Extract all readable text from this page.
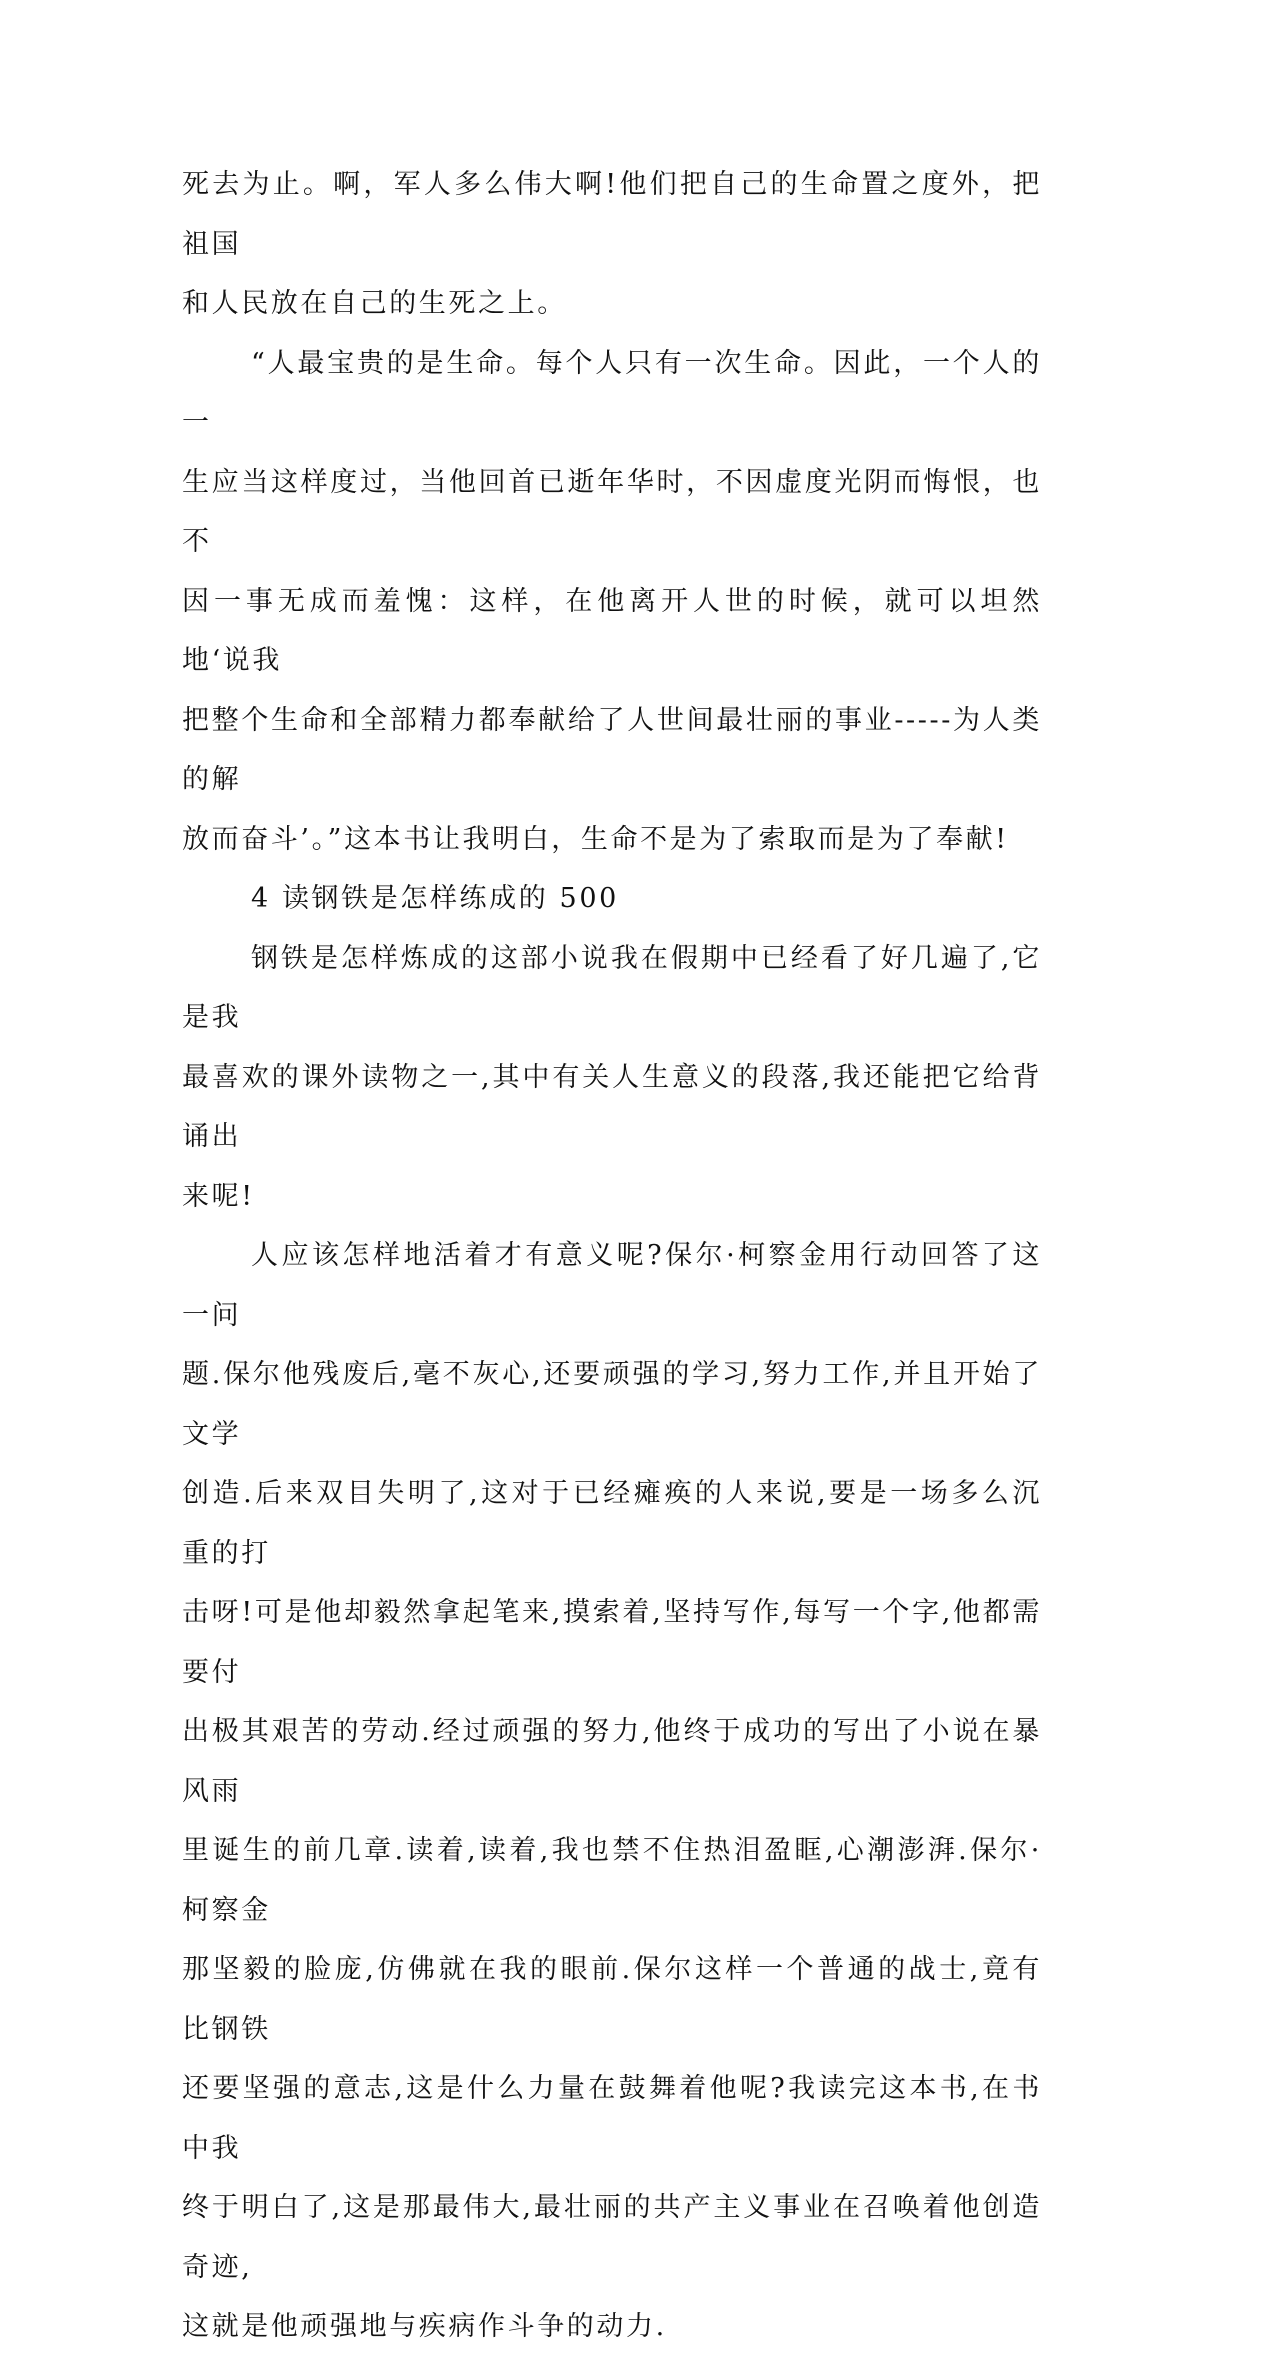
死去为止。啊，军人多么伟大啊!他们把自己的生命置之度外，把祖国
和人民放在自己的生死之上。

“人最宝贵的是生命。每个人只有一次生命。因此，一个人的一
生应当这样度过，当他回首已逝年华时，不因虚度光阴而悔恨，也不
因一事无成而羞愧：这样，在他离开人世的时候，就可以坦然地‘说我
把整个生命和全部精力都奉献给了人世间最壮丽的事业-----为人类的解
放而奋斗’。”这本书让我明白，生命不是为了索取而是为了奉献!

4 读钢铁是怎样练成的 500

钢铁是怎样炼成的这部小说我在假期中已经看了好几遍了,它是我
最喜欢的课外读物之一,其中有关人生意义的段落,我还能把它给背诵出
来呢!

人应该怎样地活着才有意义呢?保尔·柯察金用行动回答了这一问
题.保尔他残废后,毫不灰心,还要顽强的学习,努力工作,并且开始了文学
创造.后来双目失明了,这对于已经瘫痪的人来说,要是一场多么沉重的打
击呀!可是他却毅然拿起笔来,摸索着,坚持写作,每写一个字,他都需要付
出极其艰苦的劳动.经过顽强的努力,他终于成功的写出了小说在暴风雨
里诞生的前几章.读着,读着,我也禁不住热泪盈眶,心潮澎湃.保尔·柯察金
那坚毅的脸庞,仿佛就在我的眼前.保尔这样一个普通的战士,竟有比钢铁
还要坚强的意志,这是什么力量在鼓舞着他呢?我读完这本书,在书中我
终于明白了,这是那最伟大,最壮丽的共产主义事业在召唤着他创造奇迹,
这就是他顽强地与疾病作斗争的动力.
